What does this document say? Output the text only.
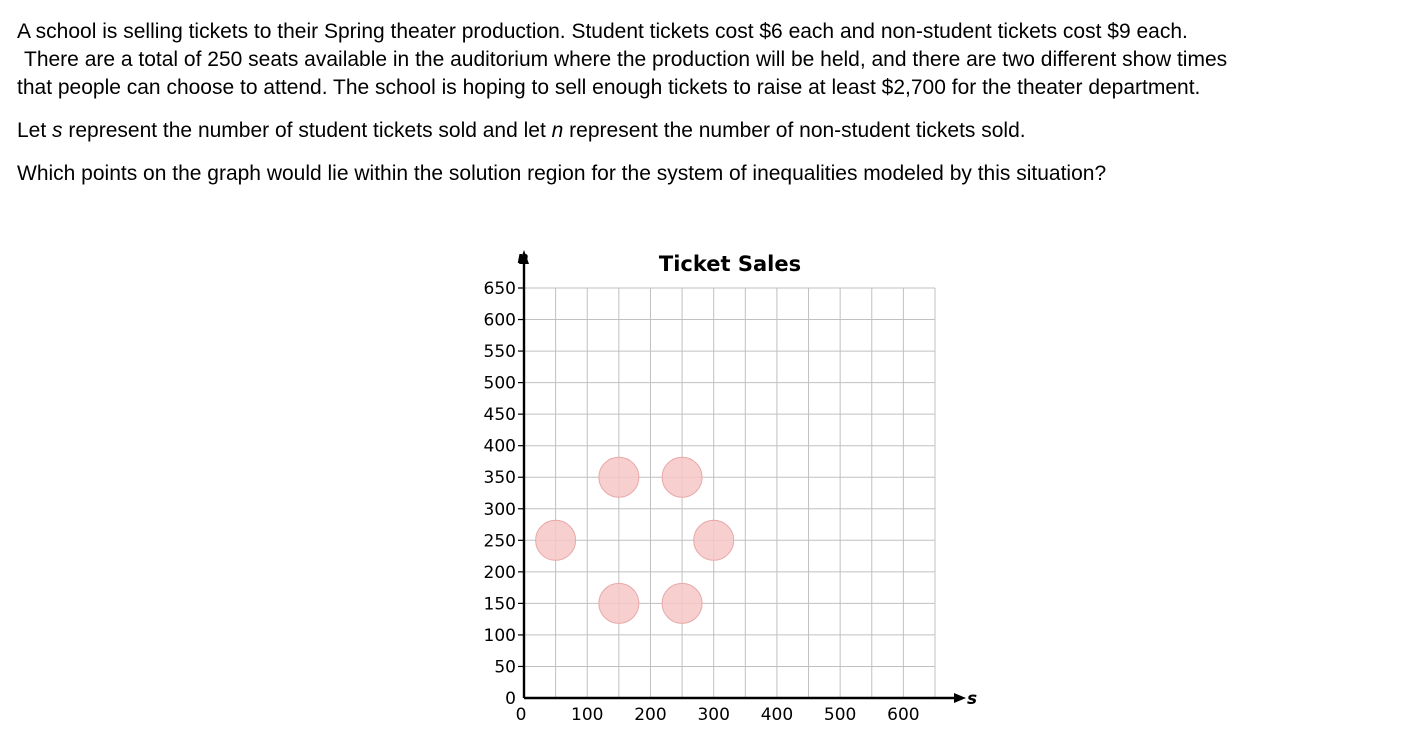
A school is selling tickets to their Spring theater production. Student tickets cost $6 each and non-student tickets cost $9 each.
There are a total of 250 seats available in the auditorium where the production will be held, and there are two different show times
that people can choose to attend. The school is hoping to sell enough tickets to raise at least $2,700 for the theater department.

Let s represent the number of student tickets sold and let n represent the number of non-student tickets sold.

Which points on the graph would lie within the solution region for the system of inequalities modeled by this situation?

0
50
100
150
200
250
300
350
400
450
500
550
600
650
0	100 200 300 400 500 600
Ticket Sales
n
s
